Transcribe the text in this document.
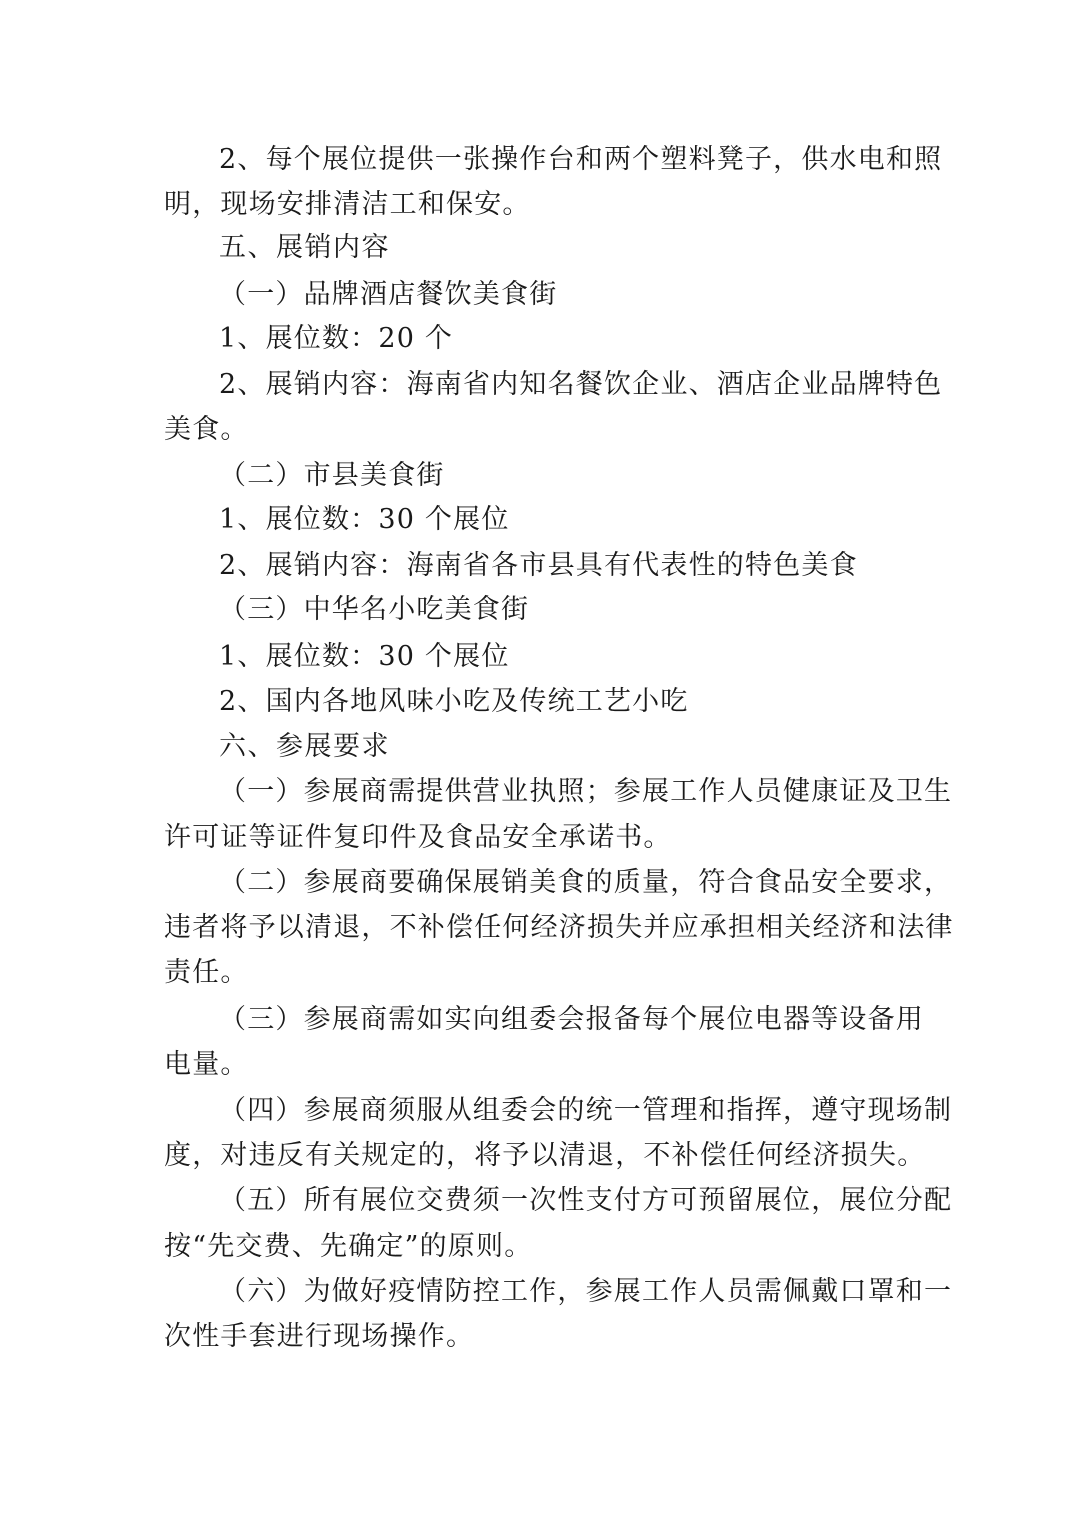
2、每个展位提供一张操作台和两个塑料凳子，供水电和照
明，现场安排清洁工和保安。
五、展销内容
（一）品牌酒店餐饮美食街
1、展位数：20 个
2、展销内容：海南省内知名餐饮企业、酒店企业品牌特色
美食。
（二）市县美食街
1、展位数：30 个展位
2、展销内容：海南省各市县具有代表性的特色美食
（三）中华名小吃美食街
1、展位数：30 个展位
2、国内各地风味小吃及传统工艺小吃
六、参展要求
（一）参展商需提供营业执照；参展工作人员健康证及卫生
许可证等证件复印件及食品安全承诺书。
（二）参展商要确保展销美食的质量，符合食品安全要求，
违者将予以清退，不补偿任何经济损失并应承担相关经济和法律
责任。
（三）参展商需如实向组委会报备每个展位电器等设备用
电量。
（四）参展商须服从组委会的统一管理和指挥，遵守现场制
度，对违反有关规定的，将予以清退，不补偿任何经济损失。
（五）所有展位交费须一次性支付方可预留展位，展位分配
按“先交费、先确定”的原则。
（六）为做好疫情防控工作，参展工作人员需佩戴口罩和一
次性手套进行现场操作。
